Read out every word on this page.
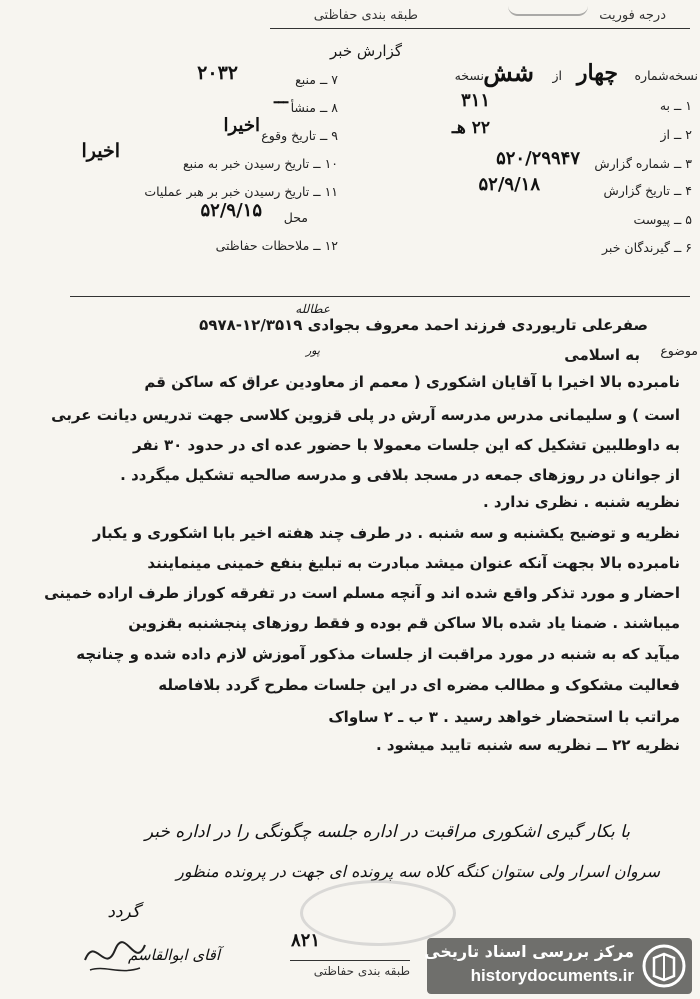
درجه فوریت
طبقه بندی حفاظتی
گزارش خبر
نسخه‌شماره
چهار
از
شش
نسخه
۱ ــ به
۳۱۱
۲ ــ از
۲۲ هـ
۳ ــ شماره گزارش
۵۲۰/۲۹۹۴۷
۴ ــ تاریخ گزارش
۵۲/۹/۱۸
۵ ــ پیوست
۶ ــ گیرندگان خبر
۷ ــ منبع
۲۰۳۲
۸ ــ منشأ
ـــ
۹ ــ تاریخ وقوع
اخیرا
۱۰ ــ تاریخ رسیدن خبر به منبع
اخیرا
۱۱ ــ تاریخ رسیدن خبر بر هبر عملیات
محل
۵۲/۹/۱۵
۱۲ ــ ملاحظات حفاظتی
موضوع
صفرعلی تاریوردی فرزند احمد معروف بجوادی ۱۲/۳۵۱۹-۵۹۷۸
عطالله
پور	به اسلامی
نامبرده بالا اخیرا با آقایان اشکوری ( معمم از معاودین عراق که ساکن قم
است ) و سلیمانی مدرس مدرسه آرش در پلی قزوین کلاسی جهت تدریس دیانت عربی
به داوطلبین تشکیل که این جلسات معمولا با حضور عده ای در حدود ۳۰ نفر
از جوانان در روزهای جمعه در مسجد بلافی و مدرسه صالحیه تشکیل میگردد .
نظریه شنبه . نظری ندارد .
نظریه و توضیح یکشنبه و سه شنبه . در طرف چند هفته اخیر بابا اشکوری و یکبار
نامبرده بالا بجهت آنکه عنوان میشد مبادرت به تبلیغ بنفع خمینی مینماینند
احضار و مورد تذکر واقع شده اند و آنچه مسلم است در تفرقه کوراز طرف اراده خمینی
میباشند . ضمنا یاد شده بالا ساکن قم بوده و فقط روزهای پنجشنبه بقزوین
میآید که به شنبه در مورد مراقبت از جلسات مذکور آموزش لازم داده شده و چنانچه
فعالیت مشکوک و مطالب مضره ای در این جلسات مطرح گردد بلافاصله
مراتب با استحضار خواهد رسید . ۳ ب ـ ۲ ساواک
نظریه ۲۲ ــ نظریه سه شنبه تایید میشود .
با بکار گیری اشکوری مراقبت در اداره جلسه چگونگی را در اداره خبر
سروان اسرار ولی ستوان کنگه کلاه سه پرونده ای جهت در پرونده منظور
گردد
۸۲۱
آقای ابوالقاسم
طبقه بندی حفاظتی
مرکز بررسی اسناد تاریخی
historydocuments.ir
